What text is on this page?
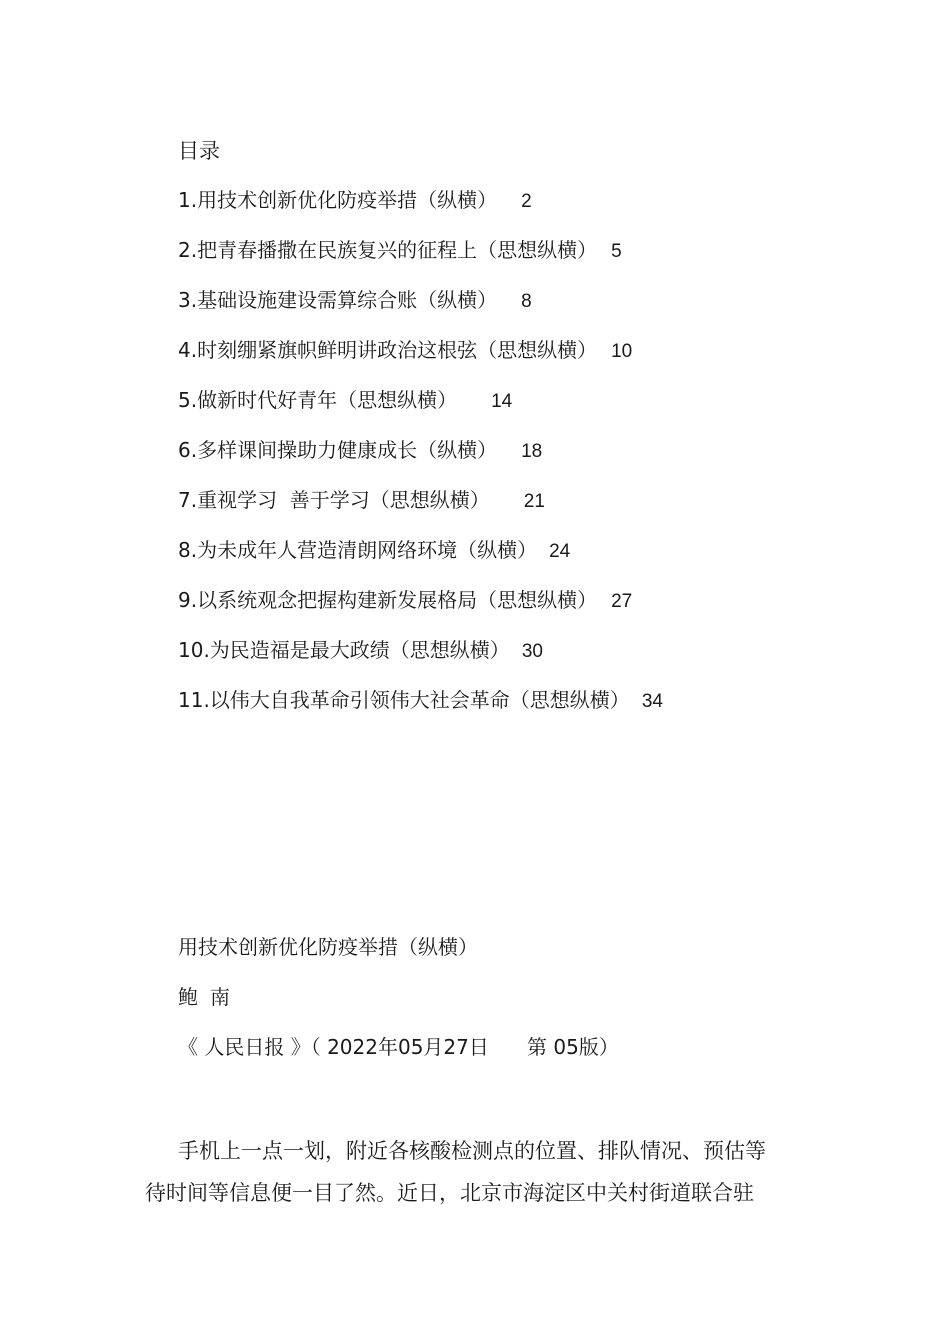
目录
1.用技术创新优化防疫举措（纵横） 2
2.把青春播撒在民族复兴的征程上（思想纵横） 5
3.基础设施建设需算综合账（纵横） 8
4.时刻绷紧旗帜鲜明讲政治这根弦（思想纵横） 10
5.做新时代好青年（思想纵横） 14
6.多样课间操助力健康成长（纵横） 18
7.重视学习  善于学习（思想纵横） 21
8.为未成年人营造清朗网络环境（纵横） 24
9.以系统观念把握构建新发展格局（思想纵横） 27
10.为民造福是最大政绩（思想纵横） 30
11.以伟大自我革命引领伟大社会革命（思想纵横） 34
用技术创新优化防疫举措（纵横）
鲍南
《 人民日报 》（ 2022年05月27日      第 05版）
手机上一点一划，附近各核酸检测点的位置、排队情况、预估等
待时间等信息便一目了然。近日，北京市海淀区中关村街道联合驻
